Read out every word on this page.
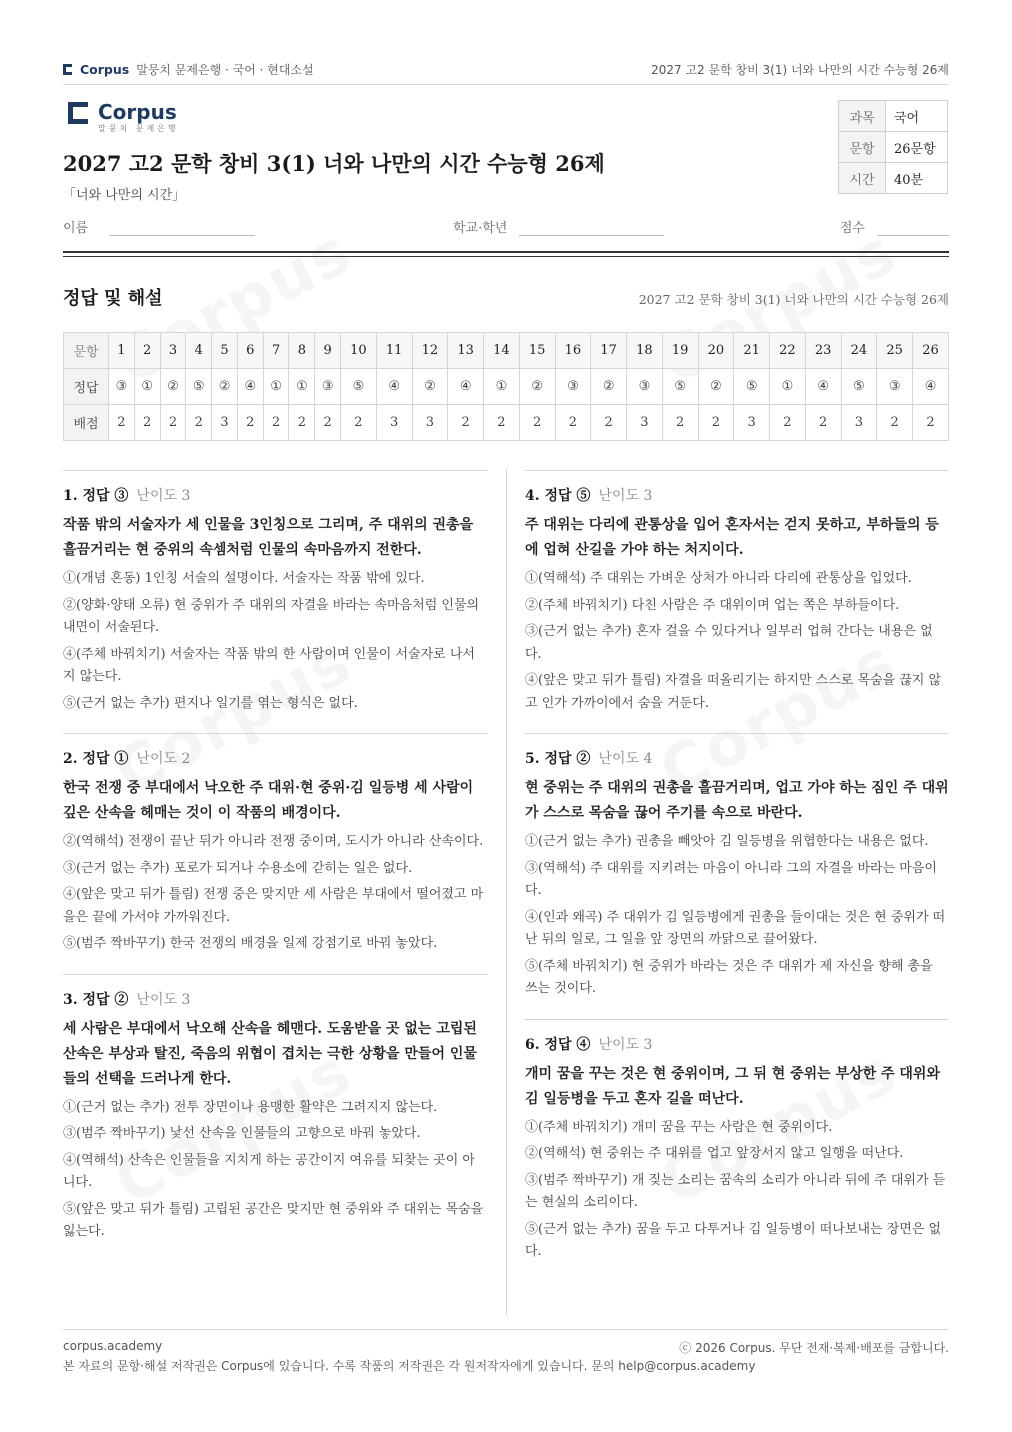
Corpus 말뭉치 문제은행 · 국어 · 현대소설	2027 고2 문학 창비 3(1) 너와 나만의 시간 수능형 26제
Corpus
말뭉치 문제은행
2027 고2 문학 창비 3(1) 너와 나만의 시간 수능형 26제
「너와 나만의 시간」
과목	국어
문항	26문항
시간	40분
이름	학교·학년	점수
정답 및 해설	2027 고2 문학 창비 3(1) 너와 나만의 시간 수능형 26제
문항	1	2	3	4	5	6	7	8	9	10	11	12	13	14	15	16	17	18	19	20	21	22	23	24	25	26
정답	③	①	②	⑤	②	④	①	①	③	⑤	④	②	④	①	②	③	②	③	⑤	②	⑤	①	④	⑤	③	④
배점	2	2	2	2	3	2	2	2	2	2	3	3	2	2	2	2	2	3	2	2	3	2	2	3	2	2
1. 정답 ③ 난이도 3
작품 밖의 서술자가 세 인물을 3인칭으로 그리며, 주 대위의 권총을 흘끔거리는 현 중위의 속셈처럼 인물의 속마음까지 전한다.
①(개념 혼동) 1인칭 서술의 설명이다. 서술자는 작품 밖에 있다.
②(양화·양태 오류) 현 중위가 주 대위의 자결을 바라는 속마음처럼 인물의 내면이 서술된다.
④(주체 바꿔치기) 서술자는 작품 밖의 한 사람이며 인물이 서술자로 나서지 않는다.
⑤(근거 없는 추가) 편지나 일기를 엮는 형식은 없다.
2. 정답 ① 난이도 2
한국 전쟁 중 부대에서 낙오한 주 대위·현 중위·김 일등병 세 사람이 깊은 산속을 헤매는 것이 이 작품의 배경이다.
②(역해석) 전쟁이 끝난 뒤가 아니라 전쟁 중이며, 도시가 아니라 산속이다.
③(근거 없는 추가) 포로가 되거나 수용소에 갇히는 일은 없다.
④(앞은 맞고 뒤가 틀림) 전쟁 중은 맞지만 세 사람은 부대에서 떨어졌고 마을은 끝에 가서야 가까워진다.
⑤(범주 짝바꾸기) 한국 전쟁의 배경을 일제 강점기로 바꿔 놓았다.
3. 정답 ② 난이도 3
세 사람은 부대에서 낙오해 산속을 헤맨다. 도움받을 곳 없는 고립된 산속은 부상과 탈진, 죽음의 위협이 겹치는 극한 상황을 만들어 인물들의 선택을 드러나게 한다.
①(근거 없는 추가) 전투 장면이나 용맹한 활약은 그려지지 않는다.
③(범주 짝바꾸기) 낯선 산속을 인물들의 고향으로 바꿔 놓았다.
④(역해석) 산속은 인물들을 지치게 하는 공간이지 여유를 되찾는 곳이 아니다.
⑤(앞은 맞고 뒤가 틀림) 고립된 공간은 맞지만 현 중위와 주 대위는 목숨을 잃는다.
4. 정답 ⑤ 난이도 3
주 대위는 다리에 관통상을 입어 혼자서는 걷지 못하고, 부하들의 등에 업혀 산길을 가야 하는 처지이다.
①(역해석) 주 대위는 가벼운 상처가 아니라 다리에 관통상을 입었다.
②(주체 바꿔치기) 다친 사람은 주 대위이며 업는 쪽은 부하들이다.
③(근거 없는 추가) 혼자 걸을 수 있다거나 일부러 업혀 간다는 내용은 없다.
④(앞은 맞고 뒤가 틀림) 자결을 떠올리기는 하지만 스스로 목숨을 끊지 않고 인가 가까이에서 숨을 거둔다.
5. 정답 ② 난이도 4
현 중위는 주 대위의 권총을 흘끔거리며, 업고 가야 하는 짐인 주 대위가 스스로 목숨을 끊어 주기를 속으로 바란다.
①(근거 없는 추가) 권총을 빼앗아 김 일등병을 위협한다는 내용은 없다.
③(역해석) 주 대위를 지키려는 마음이 아니라 그의 자결을 바라는 마음이다.
④(인과 왜곡) 주 대위가 김 일등병에게 권총을 들이대는 것은 현 중위가 떠난 뒤의 일로, 그 일을 앞 장면의 까닭으로 끌어왔다.
⑤(주체 바꿔치기) 현 중위가 바라는 것은 주 대위가 제 자신을 향해 총을 쓰는 것이다.
6. 정답 ④ 난이도 3
개미 꿈을 꾸는 것은 현 중위이며, 그 뒤 현 중위는 부상한 주 대위와 김 일등병을 두고 혼자 길을 떠난다.
①(주체 바꿔치기) 개미 꿈을 꾸는 사람은 현 중위이다.
②(역해석) 현 중위는 주 대위를 업고 앞장서지 않고 일행을 떠난다.
③(범주 짝바꾸기) 개 짖는 소리는 꿈속의 소리가 아니라 뒤에 주 대위가 듣는 현실의 소리이다.
⑤(근거 없는 추가) 꿈을 두고 다투거나 김 일등병이 떠나보내는 장면은 없다.
corpus.academy	ⓒ 2026 Corpus. 무단 전재·복제·배포를 금합니다.
본 자료의 문항·해설 저작권은 Corpus에 있습니다. 수록 작품의 저작권은 각 원저작자에게 있습니다. 문의 help@corpus.academy
